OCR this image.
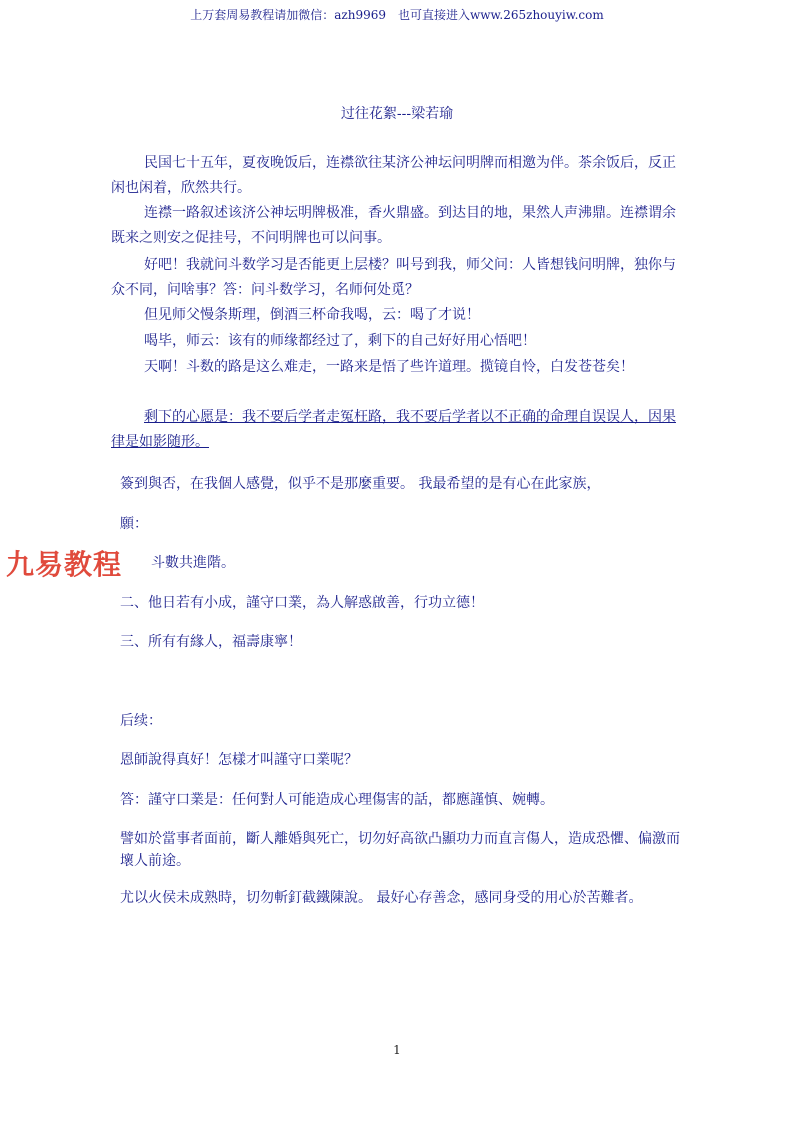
上万套周易教程请加微信：azh9969　也可直接进入www.265zhouyiw.com
过往花絮---梁若瑜

民国七十五年，夏夜晚饭后，连襟欲往某济公神坛问明牌而相邀为伴。茶余饭后，反正闲也闲着，欣然共行。

连襟一路叙述该济公神坛明牌极准，香火鼎盛。到达目的地，果然人声沸鼎。连襟谓余既来之则安之促挂号，不问明牌也可以问事。

好吧！我就问斗数学习是否能更上层楼？叫号到我，师父问：人皆想钱问明牌，独你与众不同，问啥事？答：问斗数学习，名师何处觅？

但见师父慢条斯理，倒酒三杯命我喝，云：喝了才说！

喝毕，师云：该有的师缘都经过了，剩下的自己好好用心悟吧！

天啊！斗数的路是这么难走，一路来是悟了些许道理。揽镜自怜，白发苍苍矣！

剩下的心愿是：我不要后学者走冤枉路，我不要后学者以不正确的命理自误误人，因果律是如影随形。

簽到與否，在我個人感覺，似乎不是那麼重要。 我最希望的是有心在此家族，
願：
九易教程 斗數共進階。
二、他日若有小成，謹守口業，為人解惑啟善，行功立德！
三、所有有緣人，福壽康寧！
后续：
恩師說得真好！怎樣才叫謹守口業呢？
答：謹守口業是：任何對人可能造成心理傷害的話，都應謹慎、婉轉。
譬如於當事者面前，斷人離婚與死亡，切勿好高欲凸顯功力而直言傷人，造成恐懼、偏激而壞人前途。
尤以火侯未成熟時，切勿斬釘截鐵陳說。 最好心存善念，感同身受的用心於苦難者。
1
